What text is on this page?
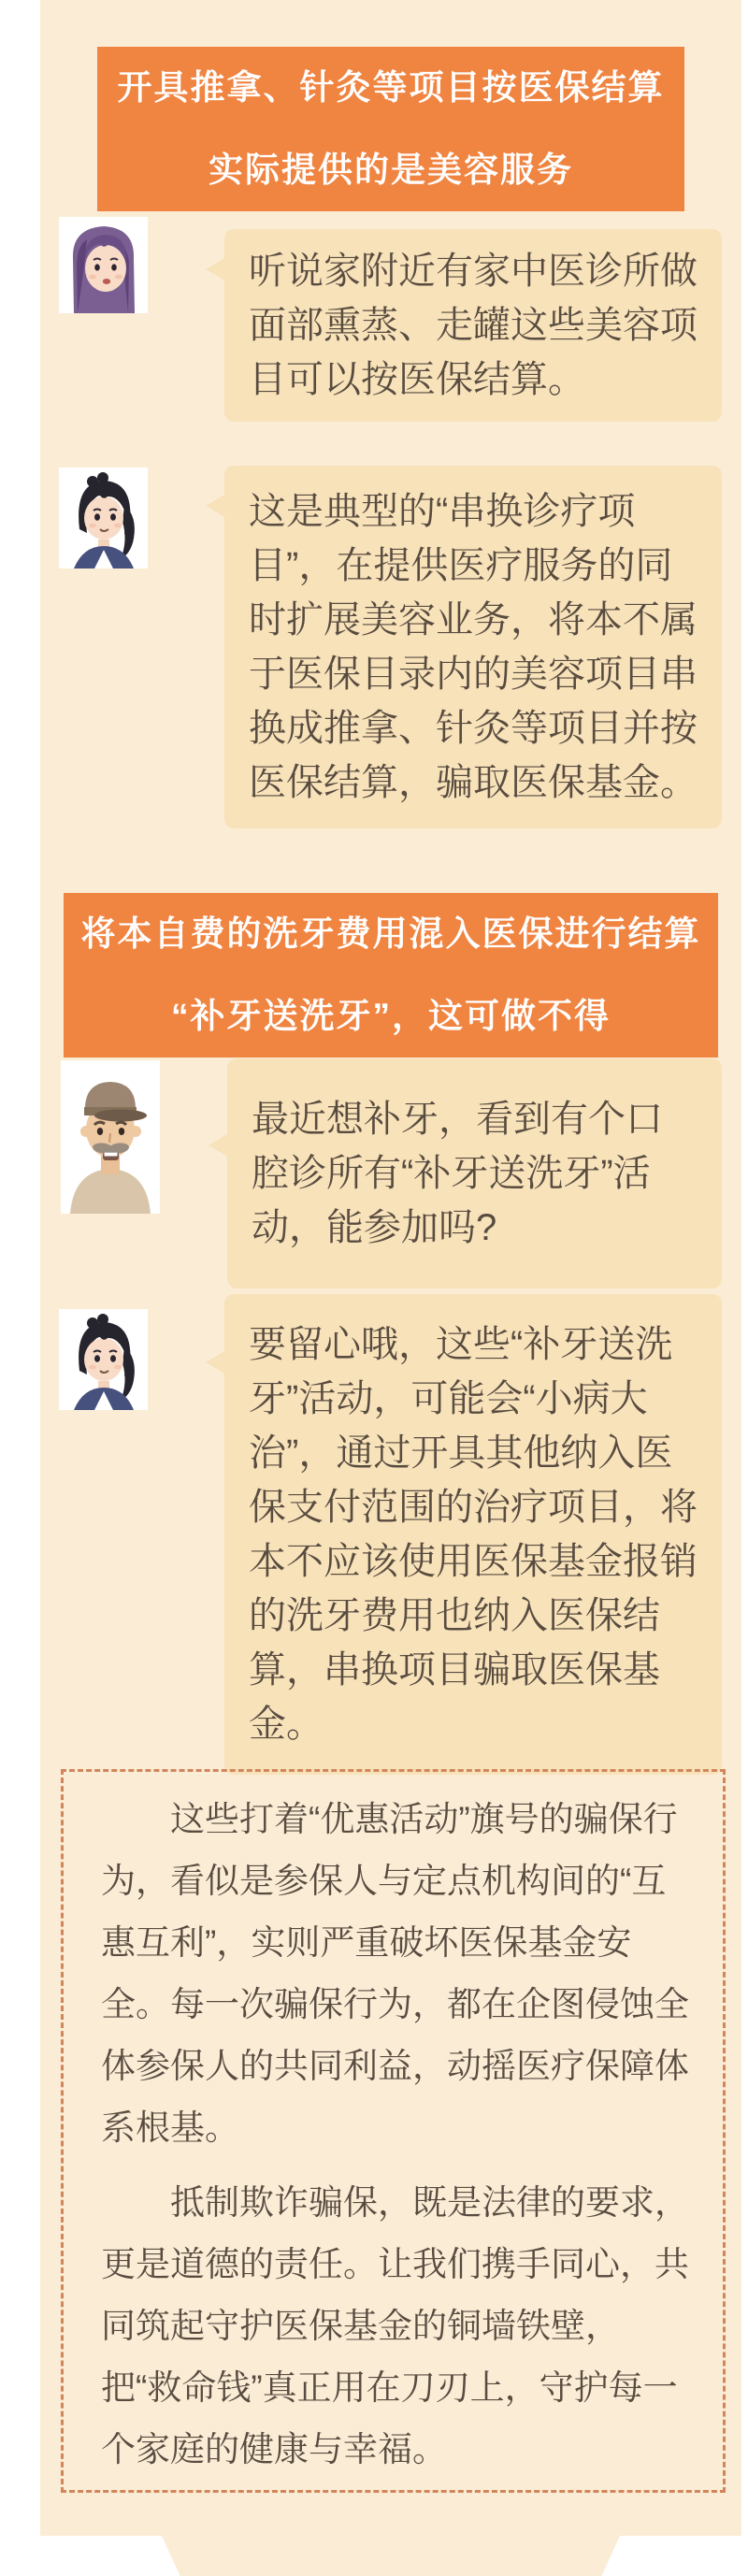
开具推拿、针灸等项目按医保结算
实际提供的是美容服务
听说家附近有家中医诊所做面部熏蒸、走罐这些美容项目可以按医保结算。
这是典型的“串换诊疗项目”，在提供医疗服务的同时扩展美容业务，将本不属于医保目录内的美容项目串换成推拿、针灸等项目并按医保结算，骗取医保基金。
将本自费的洗牙费用混入医保进行结算
“补牙送洗牙”，这可做不得
最近想补牙，看到有个口腔诊所有“补牙送洗牙”活动，能参加吗?
要留心哦，这些“补牙送洗牙”活动，可能会“小病大治”，通过开具其他纳入医保支付范围的治疗项目，将本不应该使用医保基金报销的洗牙费用也纳入医保结算，串换项目骗取医保基金。

这些打着“优惠活动”旗号的骗保行为，看似是参保人与定点机构间的“互惠互利”，实则严重破坏医保基金安全。每一次骗保行为，都在企图侵蚀全体参保人的共同利益，动摇医疗保障体系根基。

抵制欺诈骗保，既是法律的要求，更是道德的责任。让我们携手同心，共同筑起守护医保基金的铜墙铁壁，把“救命钱”真正用在刀刃上，守护每一个家庭的健康与幸福。
